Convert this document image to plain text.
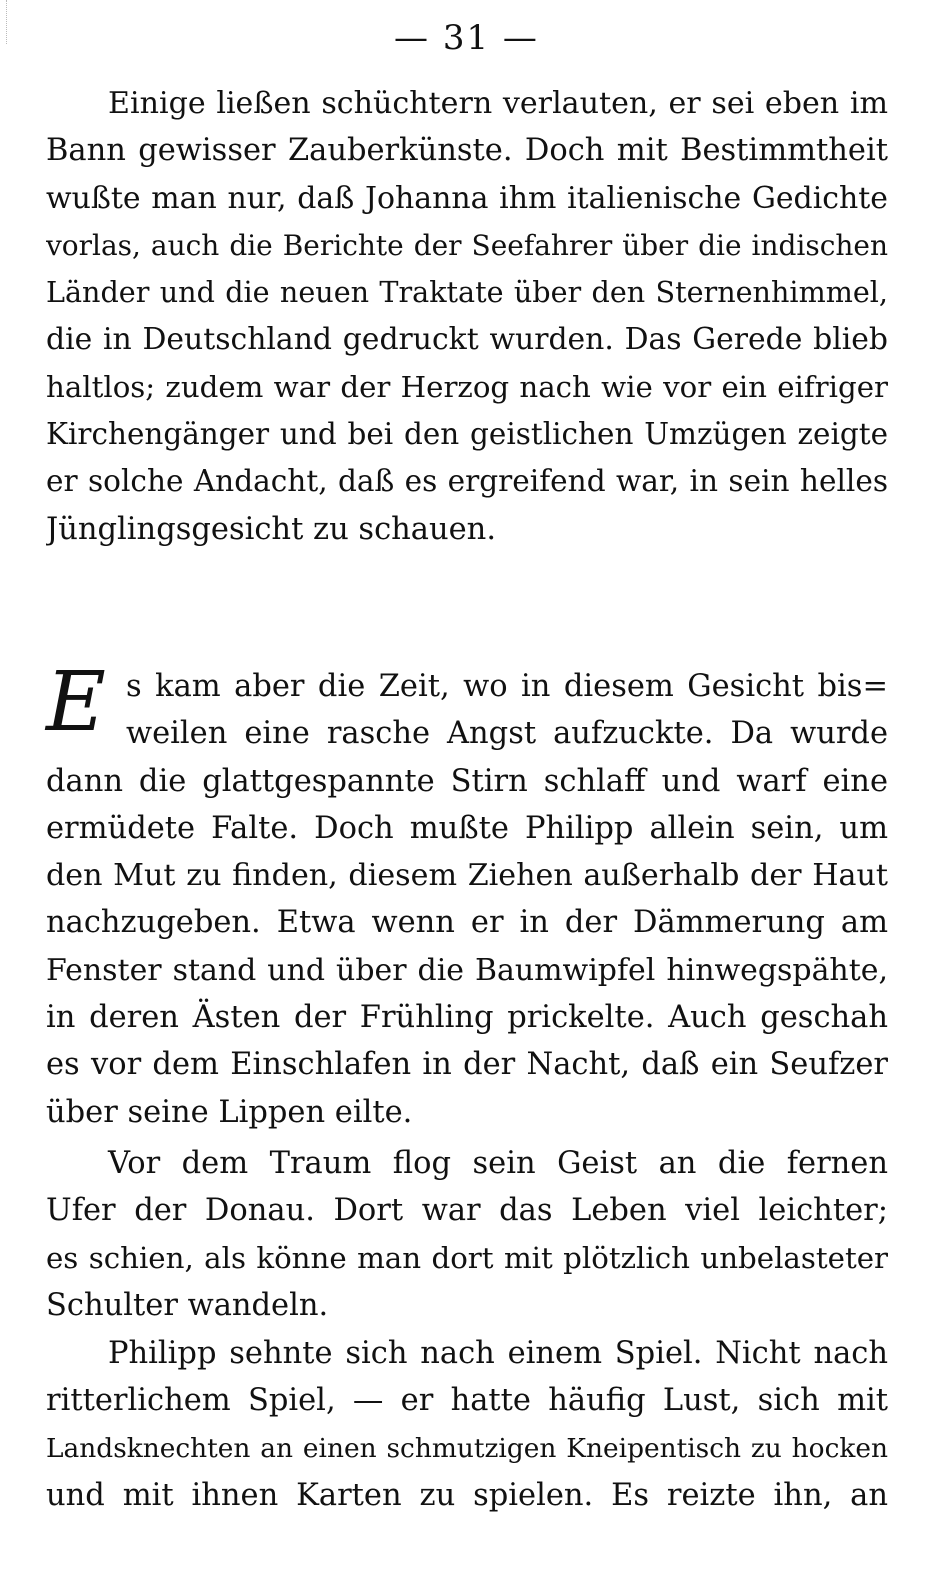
— 31 —
Einige ließen schüchtern verlauten, er sei eben im
Bann gewisser Zauberkünste. Doch mit Bestimmtheit
wußte man nur, daß Johanna ihm italienische Gedichte
vorlas, auch die Berichte der Seefahrer über die indischen
Länder und die neuen Traktate über den Sternenhimmel,
die in Deutschland gedruckt wurden. Das Gerede blieb
haltlos; zudem war der Herzog nach wie vor ein eifriger
Kirchengänger und bei den geistlichen Umzügen zeigte
er solche Andacht, daß es ergreifend war, in sein helles
Jünglingsgesicht zu schauen.
E s kam aber die Zeit, wo in diesem Gesicht bis=
weilen eine rasche Angst aufzuckte. Da wurde
dann die glattgespannte Stirn schlaff und warf eine
ermüdete Falte. Doch mußte Philipp allein sein, um
den Mut zu finden, diesem Ziehen außerhalb der Haut
nachzugeben. Etwa wenn er in der Dämmerung am
Fenster stand und über die Baumwipfel hinwegspähte,
in deren Ästen der Frühling prickelte. Auch geschah
es vor dem Einschlafen in der Nacht, daß ein Seufzer
über seine Lippen eilte.
Vor dem Traum flog sein Geist an die fernen
Ufer der Donau. Dort war das Leben viel leichter;
es schien, als könne man dort mit plötzlich unbelasteter
Schulter wandeln.
Philipp sehnte sich nach einem Spiel. Nicht nach
ritterlichem Spiel, — er hatte häufig Lust, sich mit
Landsknechten an einen schmutzigen Kneipentisch zu hocken
und mit ihnen Karten zu spielen. Es reizte ihn, an
